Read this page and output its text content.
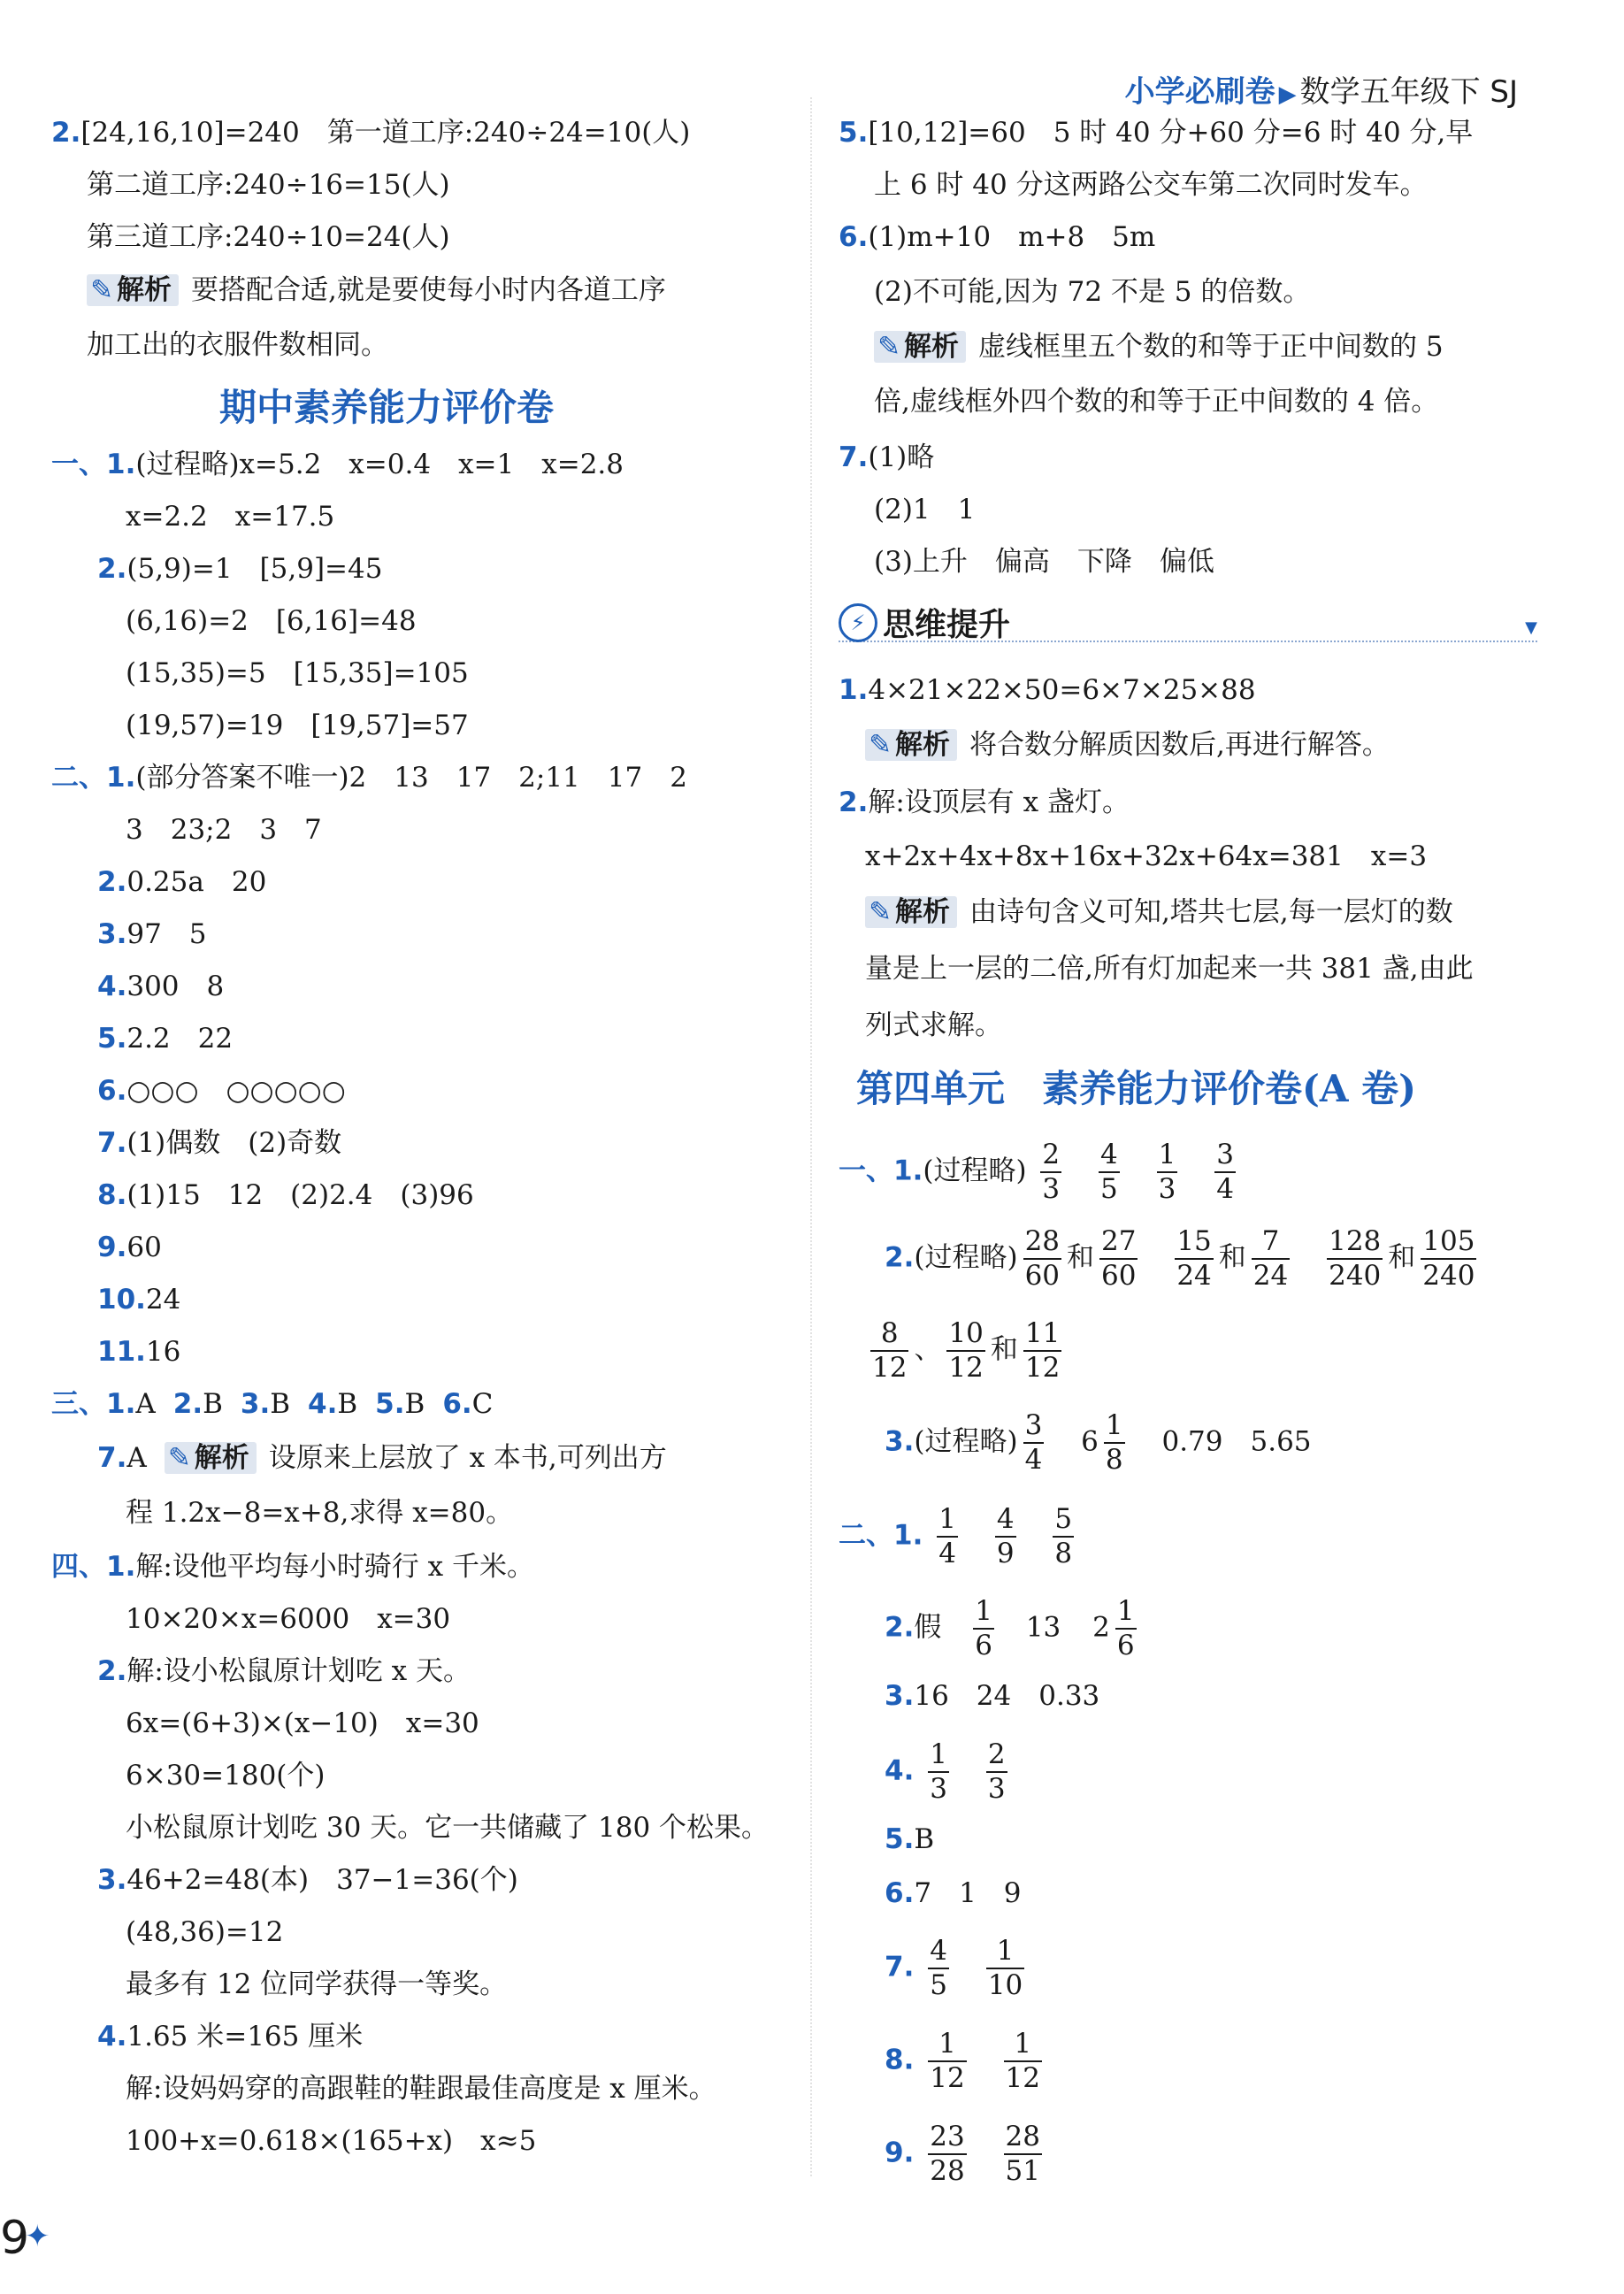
小学必刷卷 ▶ 数学五年级下 SJ
2.[24,16,10]=240　第一道工序:240÷24=10(人)
第二道工序:240÷16=15(人)
第三道工序:240÷10=24(人)
✎ 解析 要搭配合适,就是要使每小时内各道工序
加工出的衣服件数相同。
期中素养能力评价卷
一、1.(过程略)x=5.2　x=0.4　x=1　x=2.8
x=2.2　x=17.5
2.(5,9)=1　[5,9]=45
(6,16)=2　[6,16]=48
(15,35)=5　[15,35]=105
(19,57)=19　[19,57]=57
二、1.(部分答案不唯一)2　13　17　2;11　17　2
3　23;2　3　7
2.0.25a　20
3.97　5
4.300　8
5.2.2　22
6.○○○　○○○○○
7.(1)偶数　(2)奇数
8.(1)15　12　(2)2.4　(3)96
9.60
10.24
11.16
三、1.A 2.B 3.B 4.B 5.B 6.C
7.A ✎ 解析 设原来上层放了 x 本书,可列出方
程 1.2x−8=x+8,求得 x=80。
四、1.解:设他平均每小时骑行 x 千米。
10×20×x=6000　x=30
2.解:设小松鼠原计划吃 x 天。
6x=(6+3)×(x−10)　x=30
6×30=180(个)
小松鼠原计划吃 30 天。它一共储藏了 180 个松果。
3.46+2=48(本)　37−1=36(个)
(48,36)=12
最多有 12 位同学获得一等奖。
4.1.65 米=165 厘米
解:设妈妈穿的高跟鞋的鞋跟最佳高度是 x 厘米。
100+x=0.618×(165+x)　x≈5
5.[10,12]=60　5 时 40 分+60 分=6 时 40 分,早
上 6 时 40 分这两路公交车第二次同时发车。
6.(1)m+10　m+8　5m
(2)不可能,因为 72 不是 5 的倍数。
✎ 解析 虚线框里五个数的和等于正中间数的 5
倍,虚线框外四个数的和等于正中间数的 4 倍。
7.(1)略
(2)1　1
(3)上升　偏高　下降　偏低
⚡ 思维提升	▼
1.4×21×22×50=6×7×25×88
✎ 解析 将合数分解质因数后,再进行解答。
2.解:设顶层有 x 盏灯。
x+2x+4x+8x+16x+32x+64x=381　x=3
✎ 解析 由诗句含义可知,塔共七层,每一层灯的数
量是上一层的二倍,所有灯加起来一共 381 盏,由此
列式求解。
第四单元　素养能力评价卷(A 卷)
一、1.(过程略) $\frac{2}{3}$
$\frac{4}{5}$
$\frac{1}{3}$
$\frac{3}{4}$
2.(过程略) $\frac{28}{60}$ 和 $\frac{27}{60}$
$\frac{15}{24}$ 和 $\frac{7}{24}$
$\frac{128}{240}$ 和 $\frac{105}{240}$
$\frac{8}{12}$ 、 $\frac{10}{12}$ 和 $\frac{11}{12}$
3.(过程略) $\frac{3}{4} 6 \frac{1}{8} 0.79$　5.65
二、1. $\frac{1}{4}$
$\frac{4}{9}$
$\frac{5}{8}$
2.假 $\frac{1}{6} 13$ $2 \frac{1}{6}$
3.16　24　0.33
4. $\frac{1}{3}$
$\frac{2}{3}$
5.B
6.7　1　9
7. $\frac{4}{5}$
$\frac{1}{10}$
8. $\frac{1}{12}$
$\frac{1}{12}$
9. $\frac{23}{28}$
$\frac{28}{51}$
9
✦
